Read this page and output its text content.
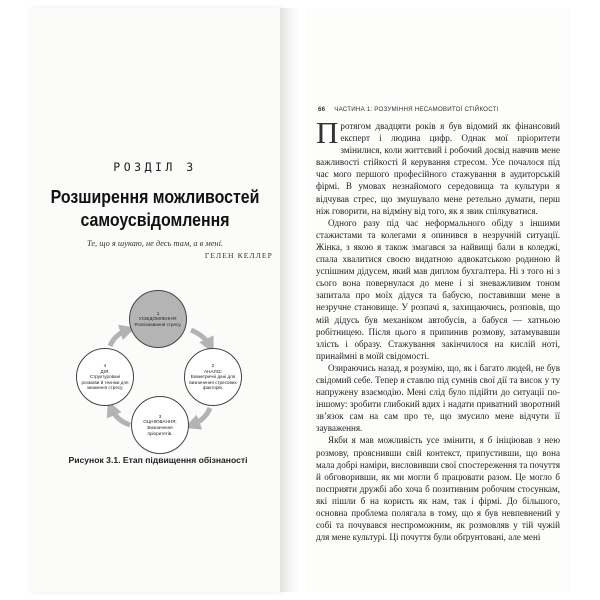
РОЗДІЛ 3
Розширення можливостей
самоусвідомлення
Те, що я шукаю, не десь там, а в мені.
ГЕЛЕН КЕЛЛЕР
1
УСВІДОМЛЕННЯ:
Розпізнавання стресу.
2
АНАЛІЗ:
Біометричні дані для визначення стресових факторів.
3
ОЦІНЮВАННЯ:
Визначення пріоритетів.
4
ДІЯ:
Структуровані розмови й техніки для зниження стресу.
Рисунок 3.1. Етап підвищення обізнаності
66 ЧАСТИНА 1: РОЗУМІННЯ НЕСАМОВИТОЇ СТІЙКОСТІ

Протягом двадцяти років я був відомий як фінансовий експерт і людина цифр. Однак мої пріоритети змінилися, коли життєвий і робочий досвід навчив мене важливості стійкості й керування стресом. Усе почалося під час мого першого професійного стажування в аудиторській фірмі. В умовах незнайомого середовища та культури я відчував стрес, що змушувало мене ретельно думати, перш ніж говорити, на відміну від того, як я звик спілкуватися.

Одного разу під час неформального обіду з іншими стажистами та колегами я опинився в незручній ситуації. Жінка, з якою я також змагався за найвищі бали в коледжі, спала хвалитися своєю видатною адвокатською родиною й успішним дідусем, який мав диплом бухгалтера. Ні з того ні з сього вона повернулася до мене і зі зневажливим тоном запитала про моїх дідуся та бабусю, поставивши мене в незручне становище. У розпачі я, захищаючись, розповів, що мій дідусь був механіком автобусів, а бабуся — хатньою робітницею. Після цього я припинив розмову, затамувавши злість і образу. Стажування закінчилося на кислій ноті, принаймні в моїй свідомості.

Озираючись назад, я розумію, що, як і багато людей, не був свідомий себе. Тепер я ставлю під сумнів свої дії та висок у ту напружену взаємодію. Мені слід було підійти до ситуації по-іншому: зробити глибокий вдих і надати приватний зворотний зв’язок сам на сам про те, що змусило мене відчути її зауваження.

Якби я мав можливість усе змінити, я б ініціював з нею розмову, прояснивши свій контекст, припустивши, що вона мала добрі наміри, висловивши свої спостереження та почуття й обговоривши, як ми могли б працювати разом. Це могло б посприяти дружбі або хоча б позитивним робочим стосункам, які пішли б на користь як нам, так і фірмі. До більшого, основна проблема полягала в тому, що я був невпевнений у собі та почувався неспроможним, як розмовляв у тій чужій для мене культурі. Ці почуття були обґрунтовані, але мені
